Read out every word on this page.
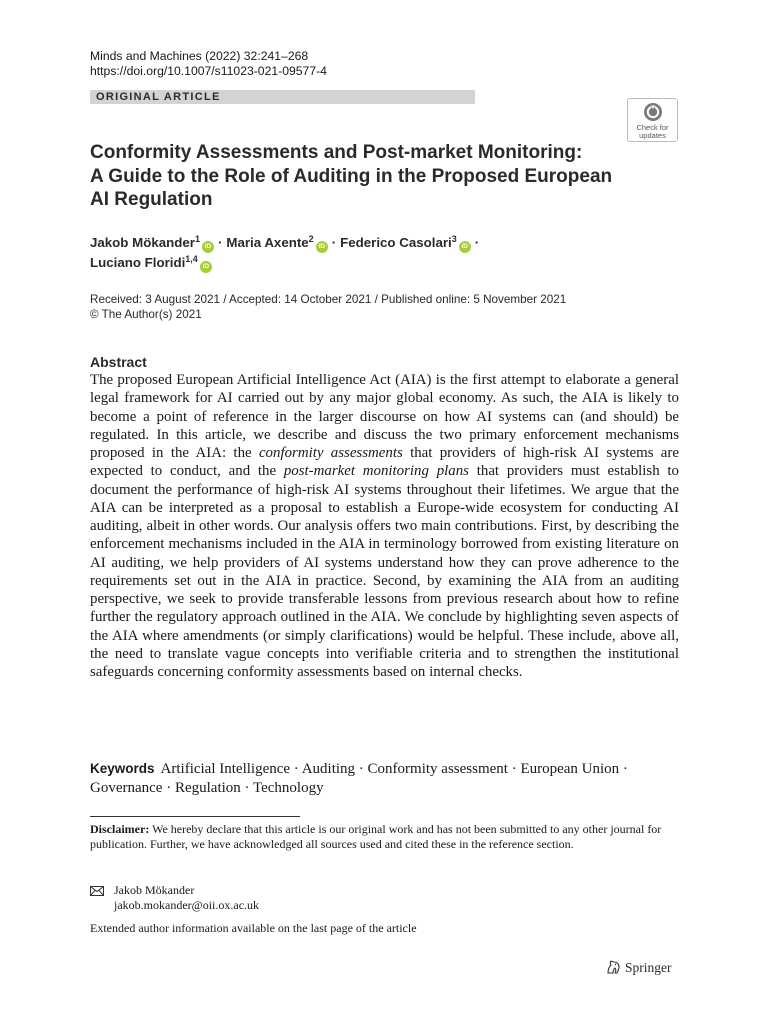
Minds and Machines (2022) 32:241–268
https://doi.org/10.1007/s11023-021-09577-4
ORIGINAL ARTICLE
Check for
updates
Conformity Assessments and Post-market Monitoring:
A Guide to the Role of Auditing in the Proposed European
AI Regulation
Jakob Mökander$^1$iD · Maria Axente$^2$iD · Federico Casolari$^3$iD ·
Luciano Floridi$^{1,4}$iD
Received: 3 August 2021 / Accepted: 14 October 2021 / Published online: 5 November 2021
© The Author(s) 2021
Abstract

The proposed European Artificial Intelligence Act (AIA) is the first attempt to elaborate a general legal framework for AI carried out by any major global economy. As such, the AIA is likely to become a point of reference in the larger discourse on how AI systems can (and should) be regulated. In this article, we describe and discuss the two primary enforcement mechanisms proposed in the AIA: the conformity assessments that providers of high-risk AI systems are expected to conduct, and the post-market monitoring plans that providers must establish to document the performance of high-risk AI systems throughout their lifetimes. We argue that the AIA can be interpreted as a proposal to establish a Europe-wide ecosystem for conducting AI auditing, albeit in other words. Our analysis offers two main contributions. First, by describing the enforcement mechanisms included in the AIA in terminology borrowed from existing literature on AI auditing, we help providers of AI systems understand how they can prove adherence to the requirements set out in the AIA in practice. Second, by examining the AIA from an auditing perspective, we seek to provide transferable lessons from previous research about how to refine further the regulatory approach outlined in the AIA. We conclude by highlighting seven aspects of the AIA where amendments (or simply clarifications) would be helpful. These include, above all, the need to translate vague concepts into verifiable criteria and to strengthen the institutional safeguards concerning conformity assessments based on internal checks.

Keywords Artificial Intelligence · Auditing · Conformity assessment · European Union · Governance · Regulation · Technology

Disclaimer: We hereby declare that this article is our original work and has not been submitted to any other journal for publication. Further, we have acknowledged all sources used and cited these in the reference section.

Jakob Mökander
jakob.mokander@oii.ox.ac.uk
Extended author information available on the last page of the article
Springer
